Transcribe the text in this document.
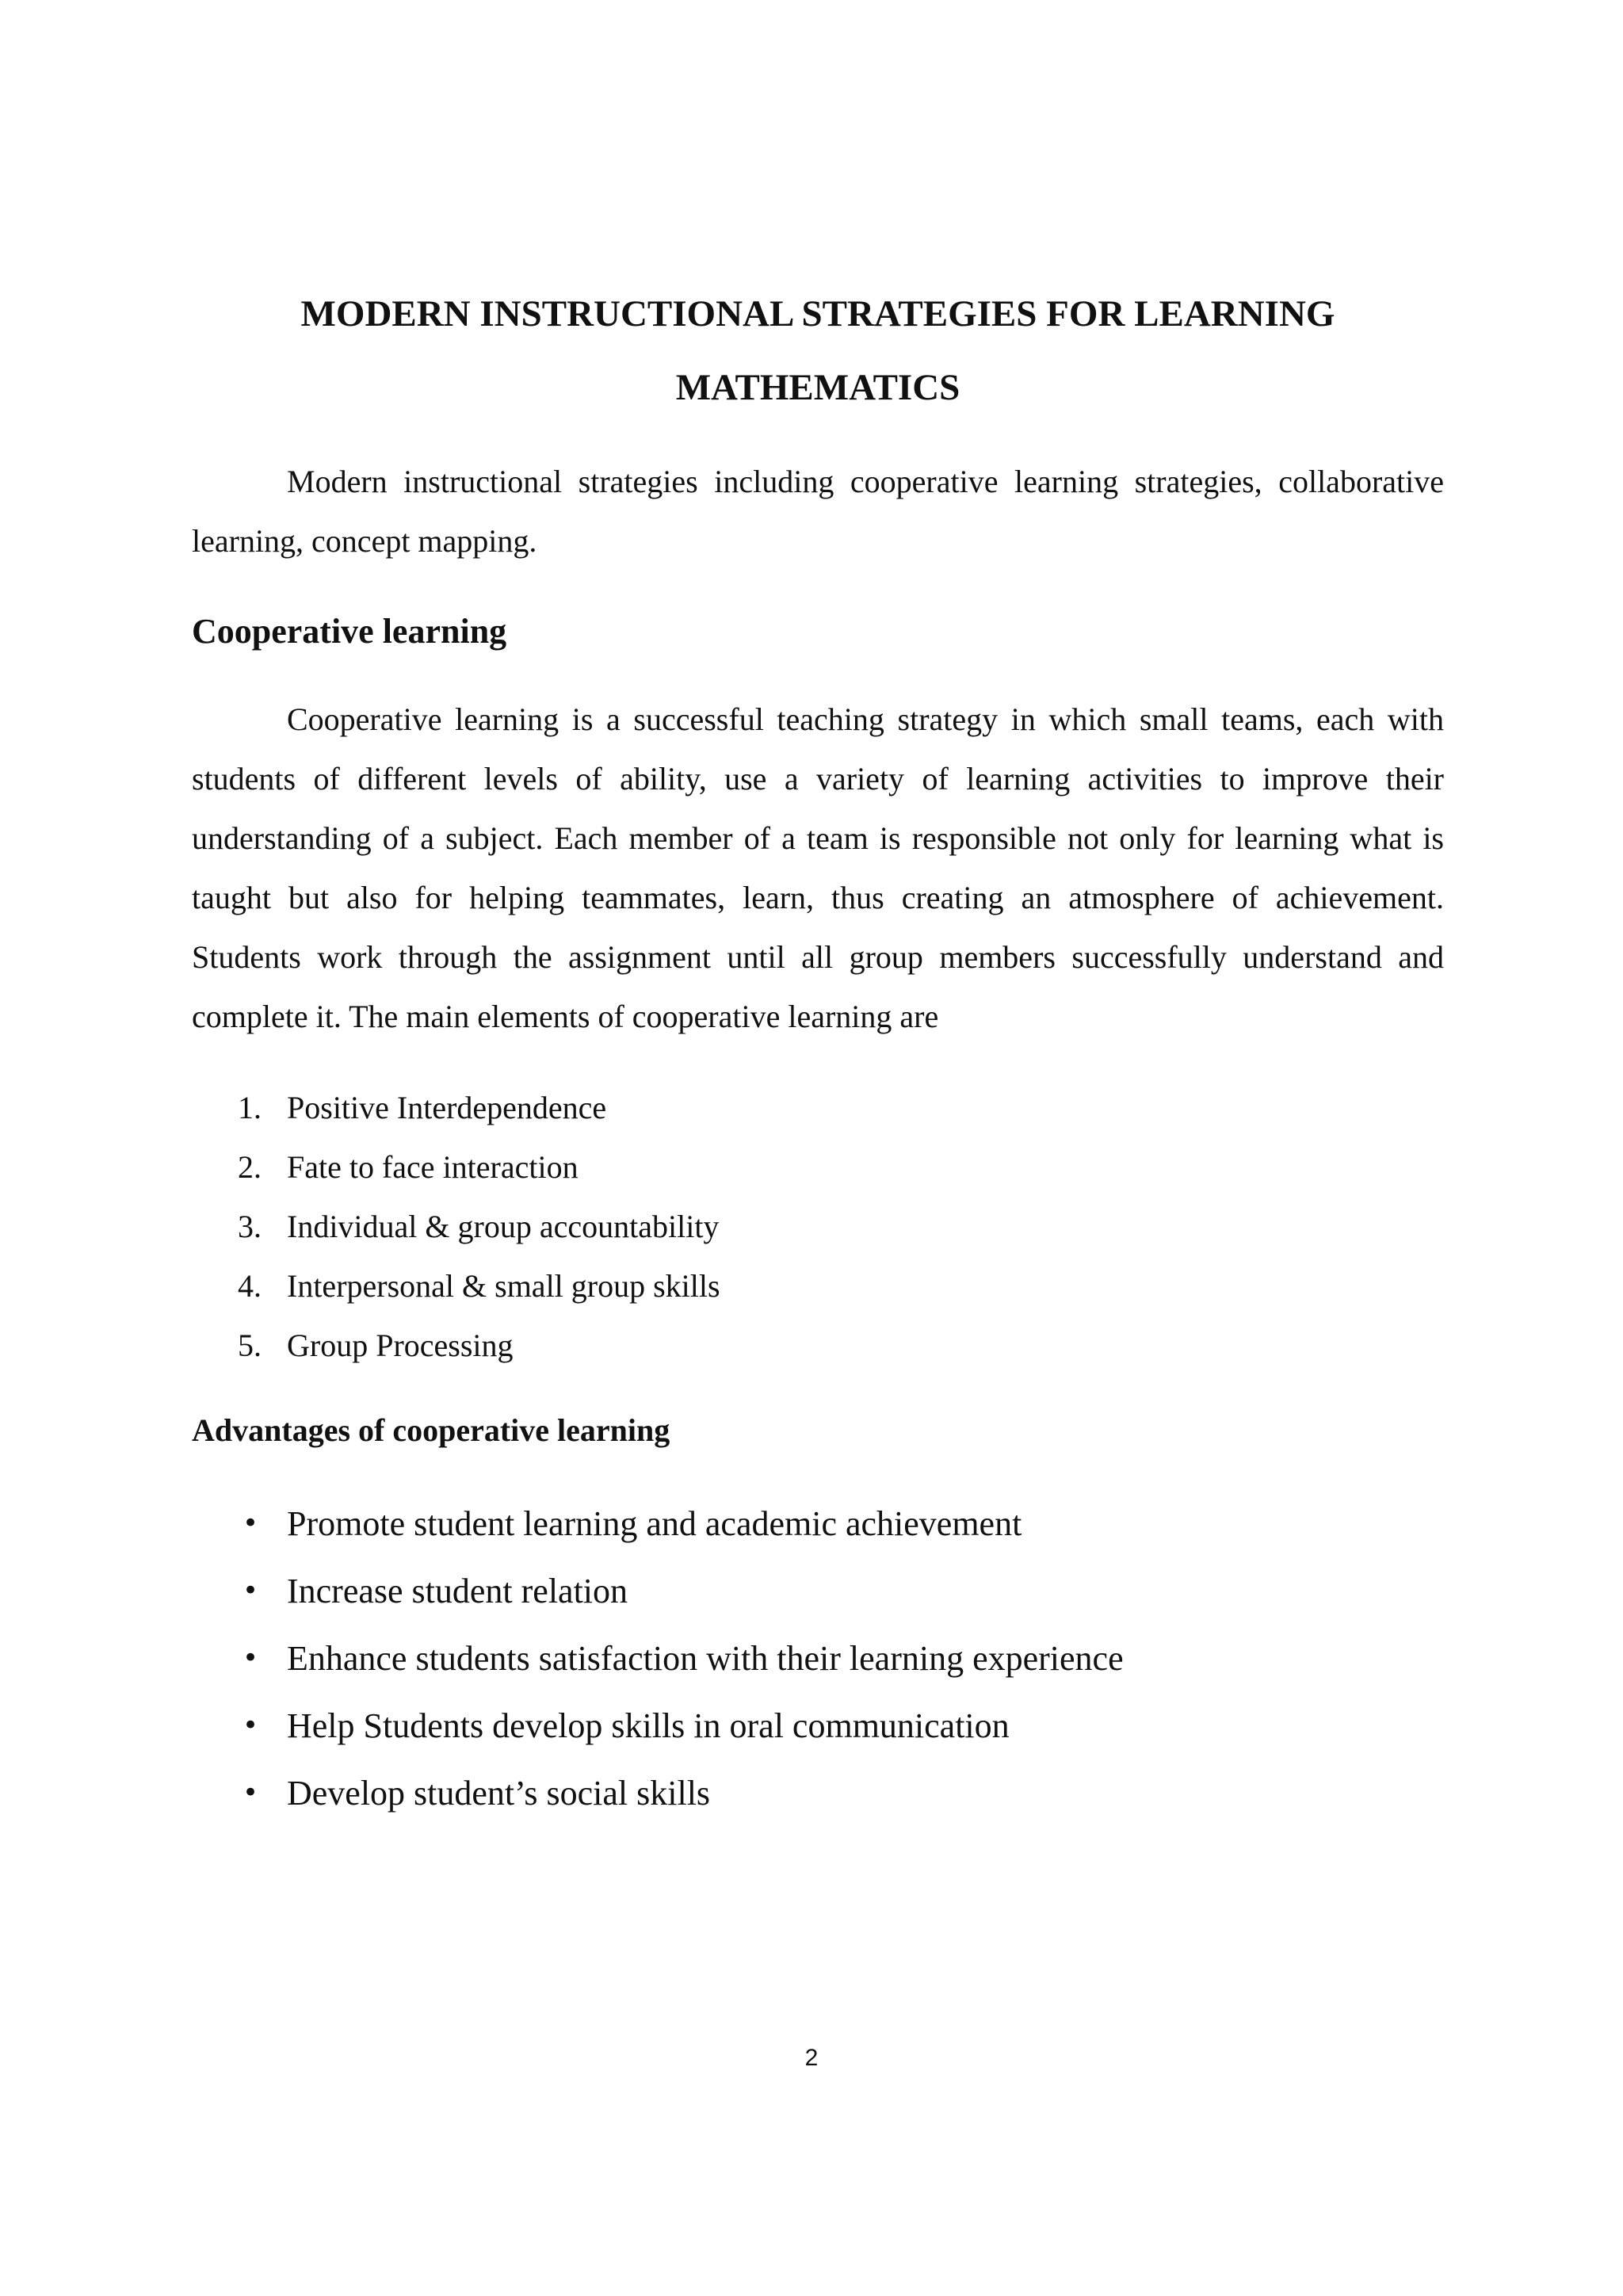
MODERN INSTRUCTIONAL STRATEGIES FOR LEARNING
MATHEMATICS

Modern instructional strategies including cooperative learning strategies, collaborative learning, concept mapping.

Cooperative learning

Cooperative learning is a successful teaching strategy in which small teams, each with students of different levels of ability, use a variety of learning activities to improve their understanding of a subject. Each member of a team is responsible not only for learning what is taught but also for helping teammates, learn, thus creating an atmosphere of achievement. Students work through the assignment until all group members successfully understand and complete it. The main elements of cooperative learning are

1. Positive Interdependence
2. Fate to face interaction
3. Individual & group accountability
4. Interpersonal & small group skills
5. Group Processing
Advantages of cooperative learning
• Promote student learning and academic achievement
• Increase student relation
• Enhance students satisfaction with their learning experience
• Help Students develop skills in oral communication
• Develop student’s social skills

2
